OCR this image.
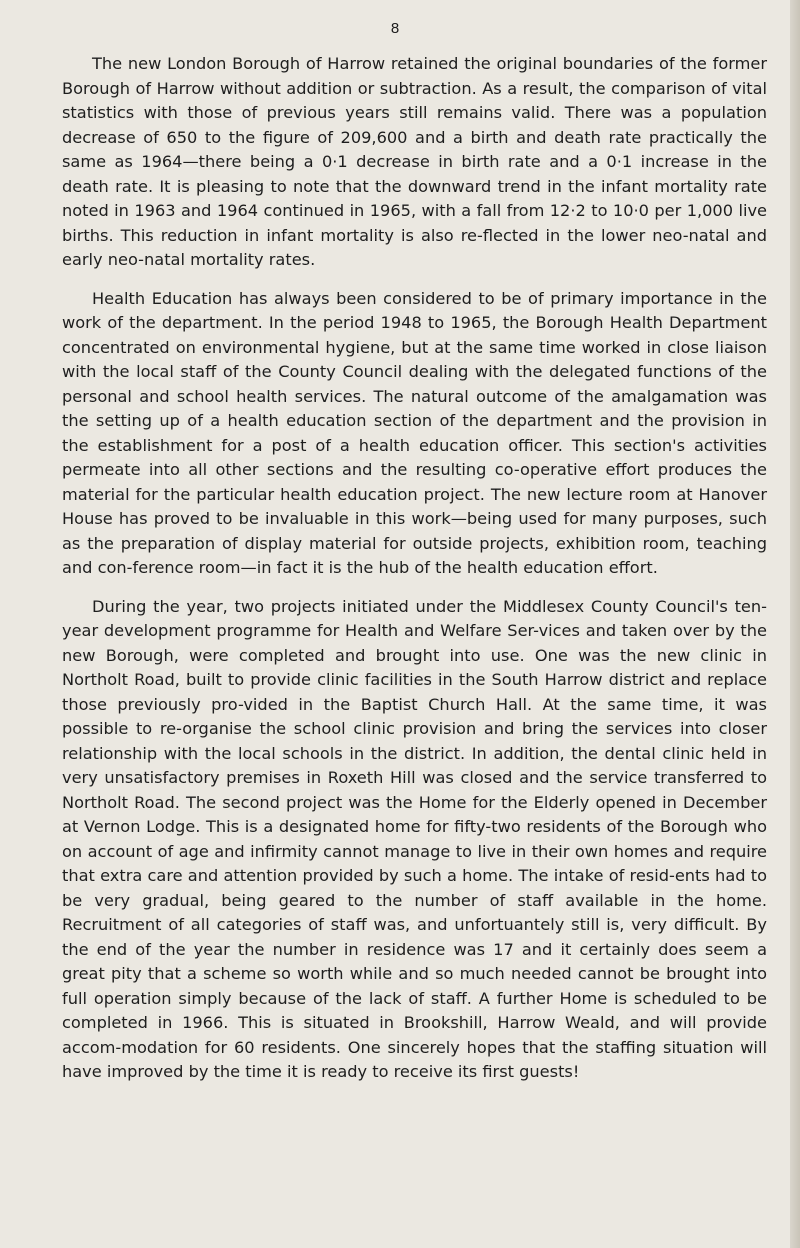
8

The new London Borough of Harrow retained the original boundaries of the former Borough of Harrow without addition or subtraction. As a result, the comparison of vital statistics with those of previous years still remains valid. There was a population decrease of 650 to the figure of 209,600 and a birth and death rate practically the same as 1964—there being a 0·1 decrease in birth rate and a 0·1 increase in the death rate. It is pleasing to note that the downward trend in the infant mortality rate noted in 1963 and 1964 continued in 1965, with a fall from 12·2 to 10·0 per 1,000 live births. This reduction in infant mortality is also re-flected in the lower neo-natal and early neo-natal mortality rates.

Health Education has always been considered to be of primary importance in the work of the department. In the period 1948 to 1965, the Borough Health Department concentrated on environmental hygiene, but at the same time worked in close liaison with the local staff of the County Council dealing with the delegated functions of the personal and school health services. The natural outcome of the amalgamation was the setting up of a health education section of the department and the provision in the establishment for a post of a health education officer. This section's activities permeate into all other sections and the resulting co-operative effort produces the material for the particular health education project. The new lecture room at Hanover House has proved to be invaluable in this work—being used for many purposes, such as the preparation of display material for outside projects, exhibition room, teaching and con-ference room—in fact it is the hub of the health education effort.

During the year, two projects initiated under the Middlesex County Council's ten-year development programme for Health and Welfare Ser-vices and taken over by the new Borough, were completed and brought into use. One was the new clinic in Northolt Road, built to provide clinic facilities in the South Harrow district and replace those previously pro-vided in the Baptist Church Hall. At the same time, it was possible to re-organise the school clinic provision and bring the services into closer relationship with the local schools in the district. In addition, the dental clinic held in very unsatisfactory premises in Roxeth Hill was closed and the service transferred to Northolt Road. The second project was the Home for the Elderly opened in December at Vernon Lodge. This is a designated home for fifty-two residents of the Borough who on account of age and infirmity cannot manage to live in their own homes and require that extra care and attention provided by such a home. The intake of resid-ents had to be very gradual, being geared to the number of staff available in the home. Recruitment of all categories of staff was, and unfortuantely still is, very difficult. By the end of the year the number in residence was 17 and it certainly does seem a great pity that a scheme so worth while and so much needed cannot be brought into full operation simply because of the lack of staff. A further Home is scheduled to be completed in 1966. This is situated in Brookshill, Harrow Weald, and will provide accom-modation for 60 residents. One sincerely hopes that the staffing situation will have improved by the time it is ready to receive its first guests!
